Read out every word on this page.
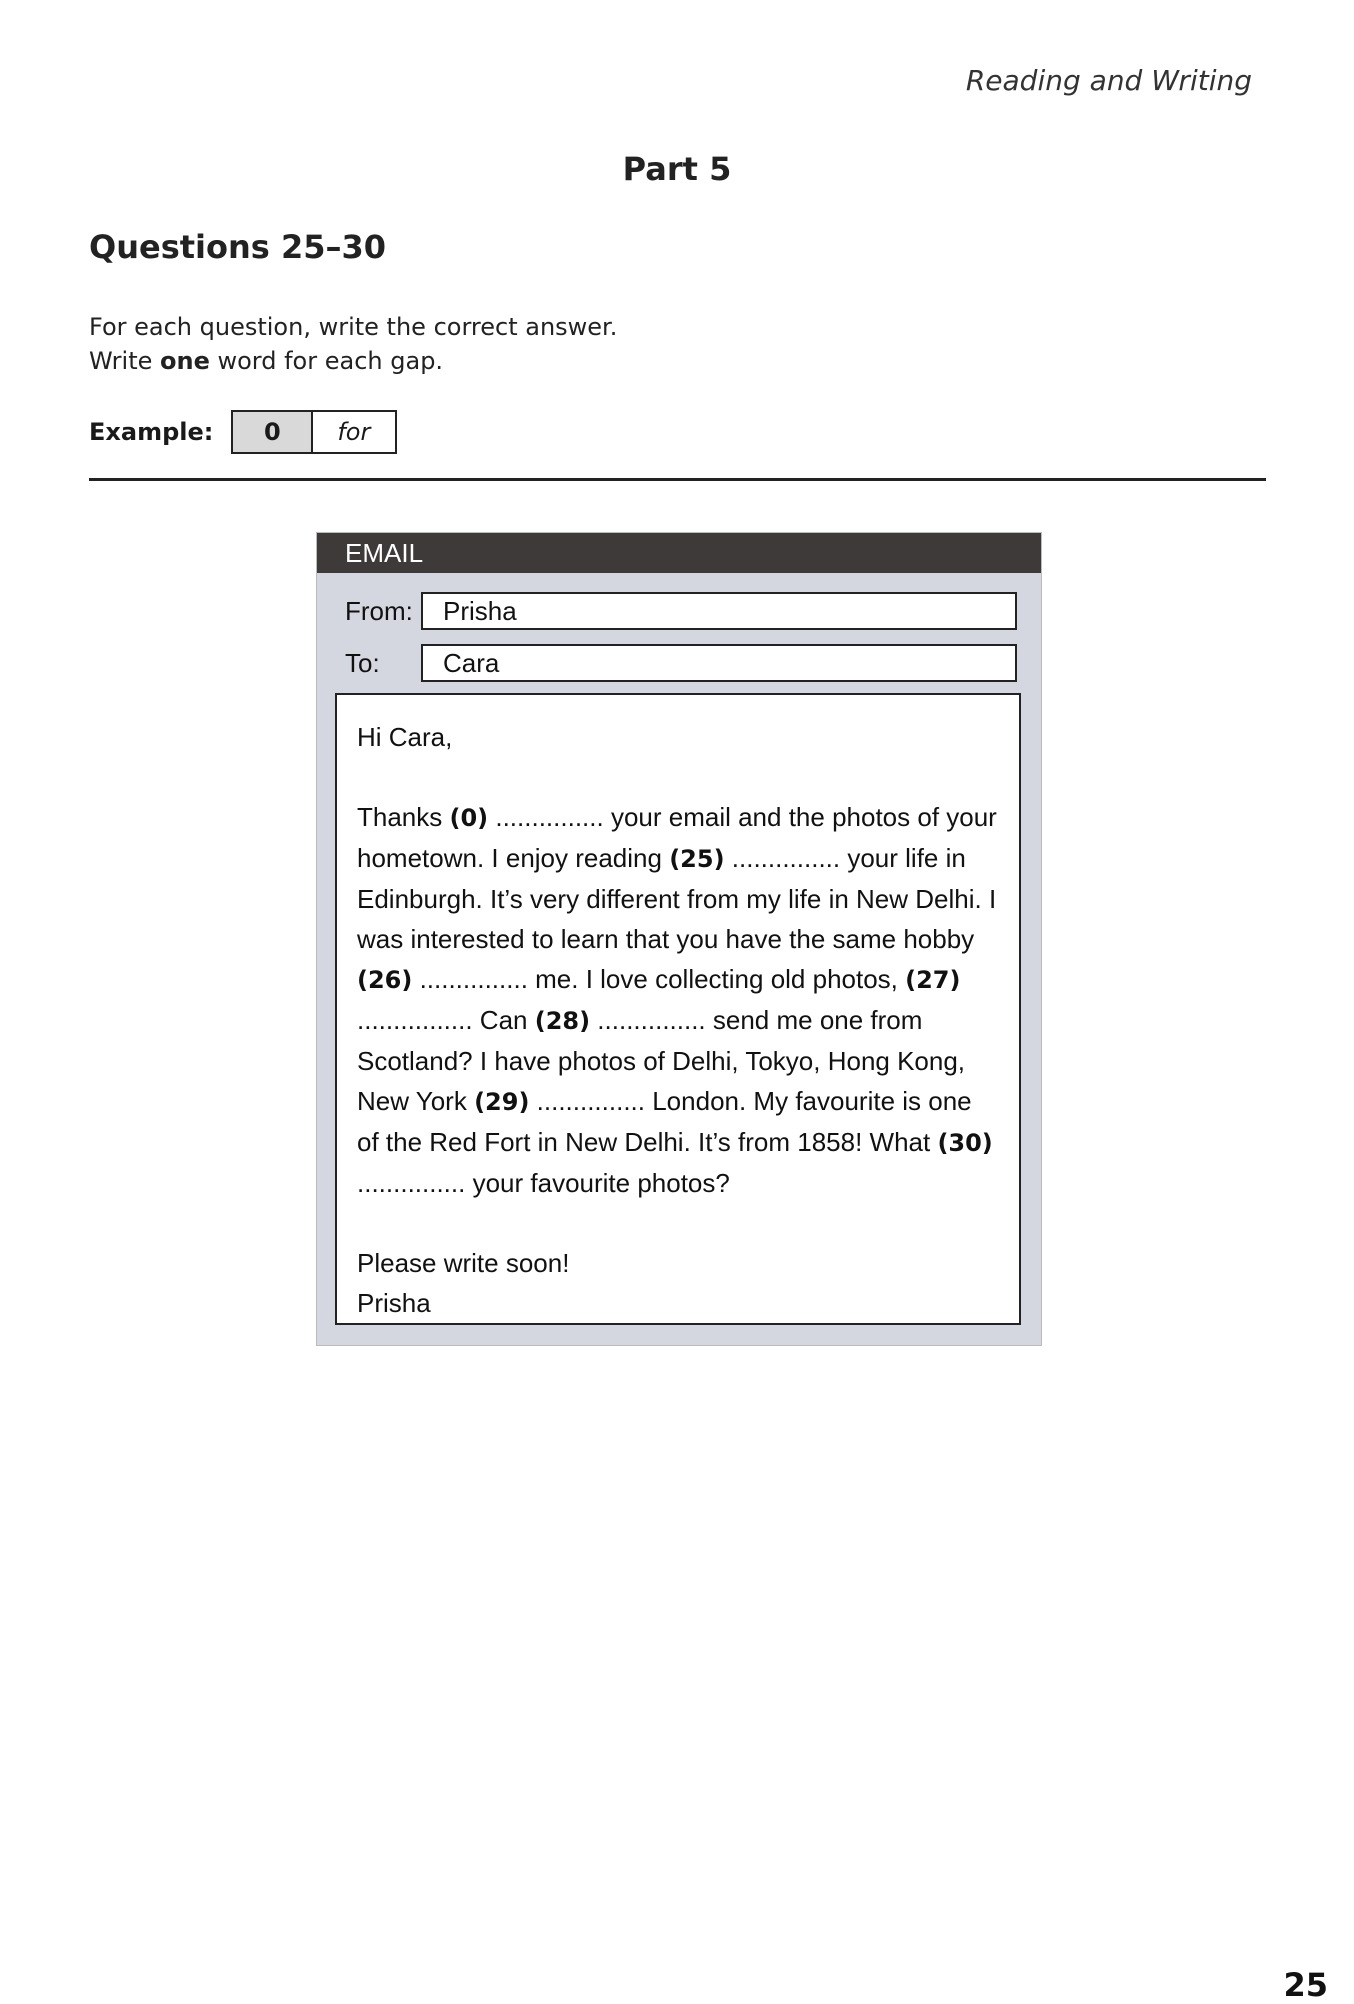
Reading and Writing
Part 5
Questions 25–30
For each question, write the correct answer.
Write one word for each gap.
Example:	0	for
EMAIL
From:	Prisha
To:	Cara

Hi Cara,

Thanks (0) ............... your email and the photos of your hometown. I enjoy reading (25) ............... your life in Edinburgh. It’s very different from my life in New Delhi. I was interested to learn that you have the same hobby (26) ............... me. I love collecting old photos, (27) ................ Can (28) ............... send me one from Scotland? I have photos of Delhi, Tokyo, Hong Kong, New York (29) ............... London. My favourite is one of the Red Fort in New Delhi. It’s from 1858! What (30) ............... your favourite photos?

Please write soon!

Prisha

25
